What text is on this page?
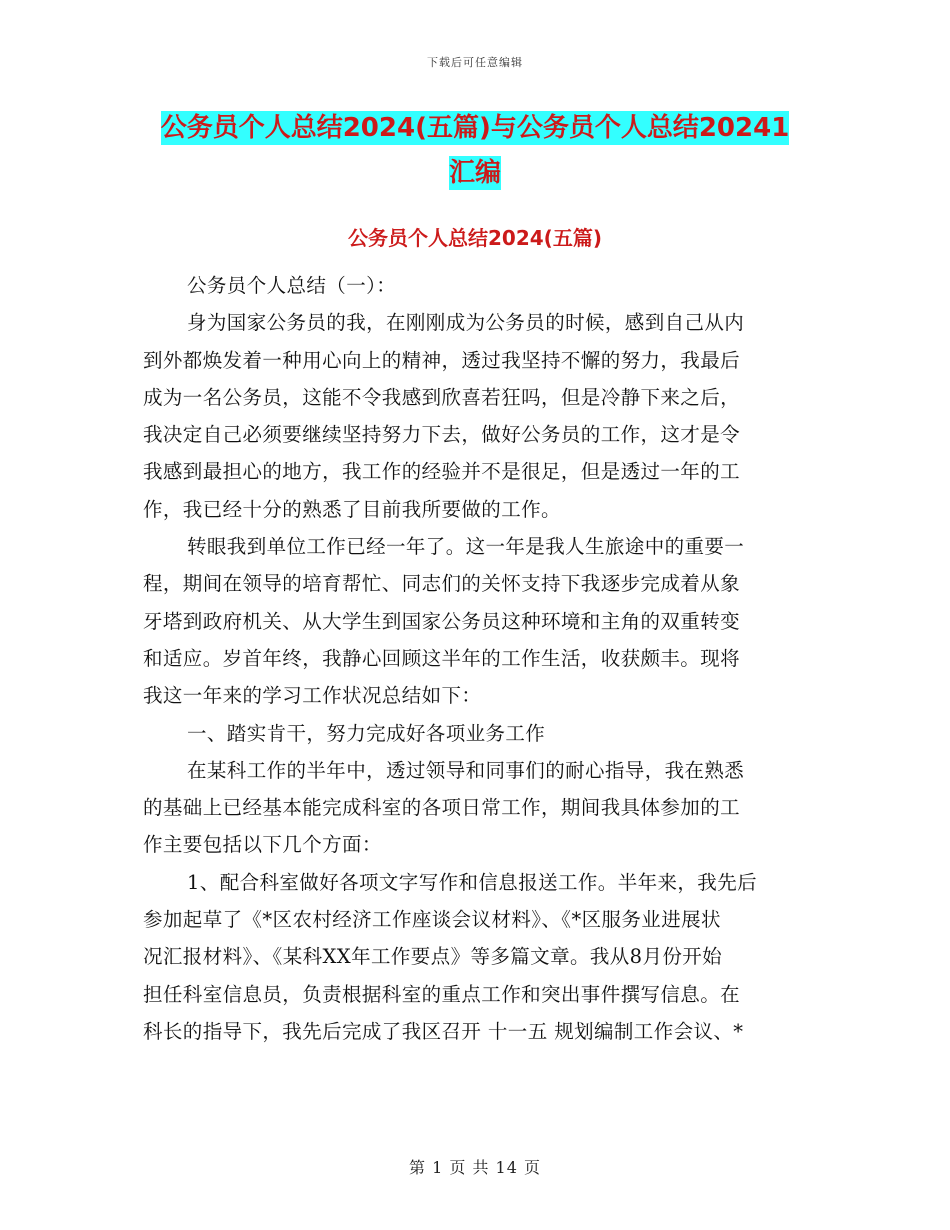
下载后可任意编辑
公务员个人总结2024(五篇)与公务员个人总结20241
汇编
公务员个人总结2024(五篇)
公务员个人总结（一）：
身为国家公务员的我，在刚刚成为公务员的时候，感到自己从内
到外都焕发着一种用心向上的精神，透过我坚持不懈的努力，我最后
成为一名公务员，这能不令我感到欣喜若狂吗，但是冷静下来之后，
我决定自己必须要继续坚持努力下去，做好公务员的工作，这才是令
我感到最担心的地方，我工作的经验并不是很足，但是透过一年的工
作，我已经十分的熟悉了目前我所要做的工作。
转眼我到单位工作已经一年了。这一年是我人生旅途中的重要一
程，期间在领导的培育帮忙、同志们的关怀支持下我逐步完成着从象
牙塔到政府机关、从大学生到国家公务员这种环境和主角的双重转变
和适应。岁首年终，我静心回顾这半年的工作生活，收获颇丰。现将
我这一年来的学习工作状况总结如下：
一、踏实肯干，努力完成好各项业务工作
在某科工作的半年中，透过领导和同事们的耐心指导，我在熟悉
的基础上已经基本能完成科室的各项日常工作，期间我具体参加的工
作主要包括以下几个方面：
1、配合科室做好各项文字写作和信息报送工作。半年来，我先后
参加起草了《*区农村经济工作座谈会议材料》、《*区服务业进展状
况汇报材料》、《某科XX年工作要点》等多篇文章。我从8月份开始
担任科室信息员，负责根据科室的重点工作和突出事件撰写信息。在
科长的指导下，我先后完成了我区召开 十一五 规划编制工作会议、*
第 1 页 共 14 页
